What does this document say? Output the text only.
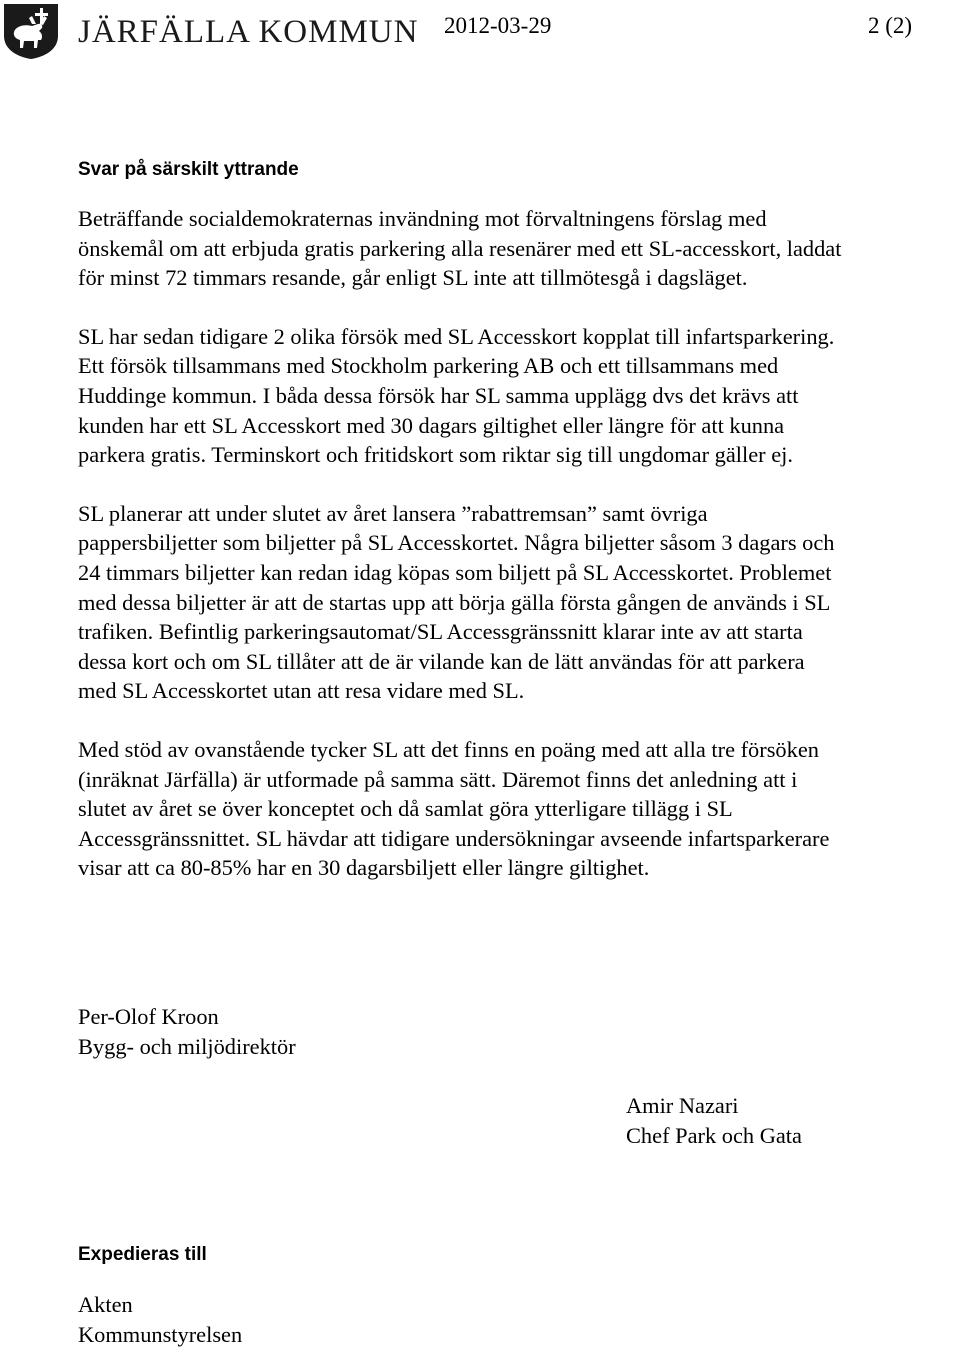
JÄRFÄLLA KOMMUN 2012-03-29	2 (2)
Svar på särskilt yttrande
Beträffande socialdemokraternas invändning mot förvaltningens förslag med
önskemål om att erbjuda gratis parkering alla resenärer med ett SL-accesskort, laddat
för minst 72 timmars resande, går enligt SL inte att tillmötesgå i dagsläget.
SL har sedan tidigare 2 olika försök med SL Accesskort kopplat till infartsparkering.
Ett försök tillsammans med Stockholm parkering AB och ett tillsammans med
Huddinge kommun. I båda dessa försök har SL samma upplägg dvs det krävs att
kunden har ett SL Accesskort med 30 dagars giltighet eller längre för att kunna
parkera gratis. Terminskort och fritidskort som riktar sig till ungdomar gäller ej.
SL planerar att under slutet av året lansera ”rabattremsan” samt övriga
pappersbiljetter som biljetter på SL Accesskortet. Några biljetter såsom 3 dagars och
24 timmars biljetter kan redan idag köpas som biljett på SL Accesskortet. Problemet
med dessa biljetter är att de startas upp att börja gälla första gången de används i SL
trafiken. Befintlig parkeringsautomat/SL Accessgränssnitt klarar inte av att starta
dessa kort och om SL tillåter att de är vilande kan de lätt användas för att parkera
med SL Accesskortet utan att resa vidare med SL.
Med stöd av ovanstående tycker SL att det finns en poäng med att alla tre försöken
(inräknat Järfälla) är utformade på samma sätt. Däremot finns det anledning att i
slutet av året se över konceptet och då samlat göra ytterligare tillägg i SL
Accessgränssnittet. SL hävdar att tidigare undersökningar avseende infartsparkerare
visar att ca 80-85% har en 30 dagarsbiljett eller längre giltighet.
Per-Olof Kroon
Bygg- och miljödirektör
Amir Nazari
Chef Park och Gata
Expedieras till
Akten
Kommunstyrelsen
